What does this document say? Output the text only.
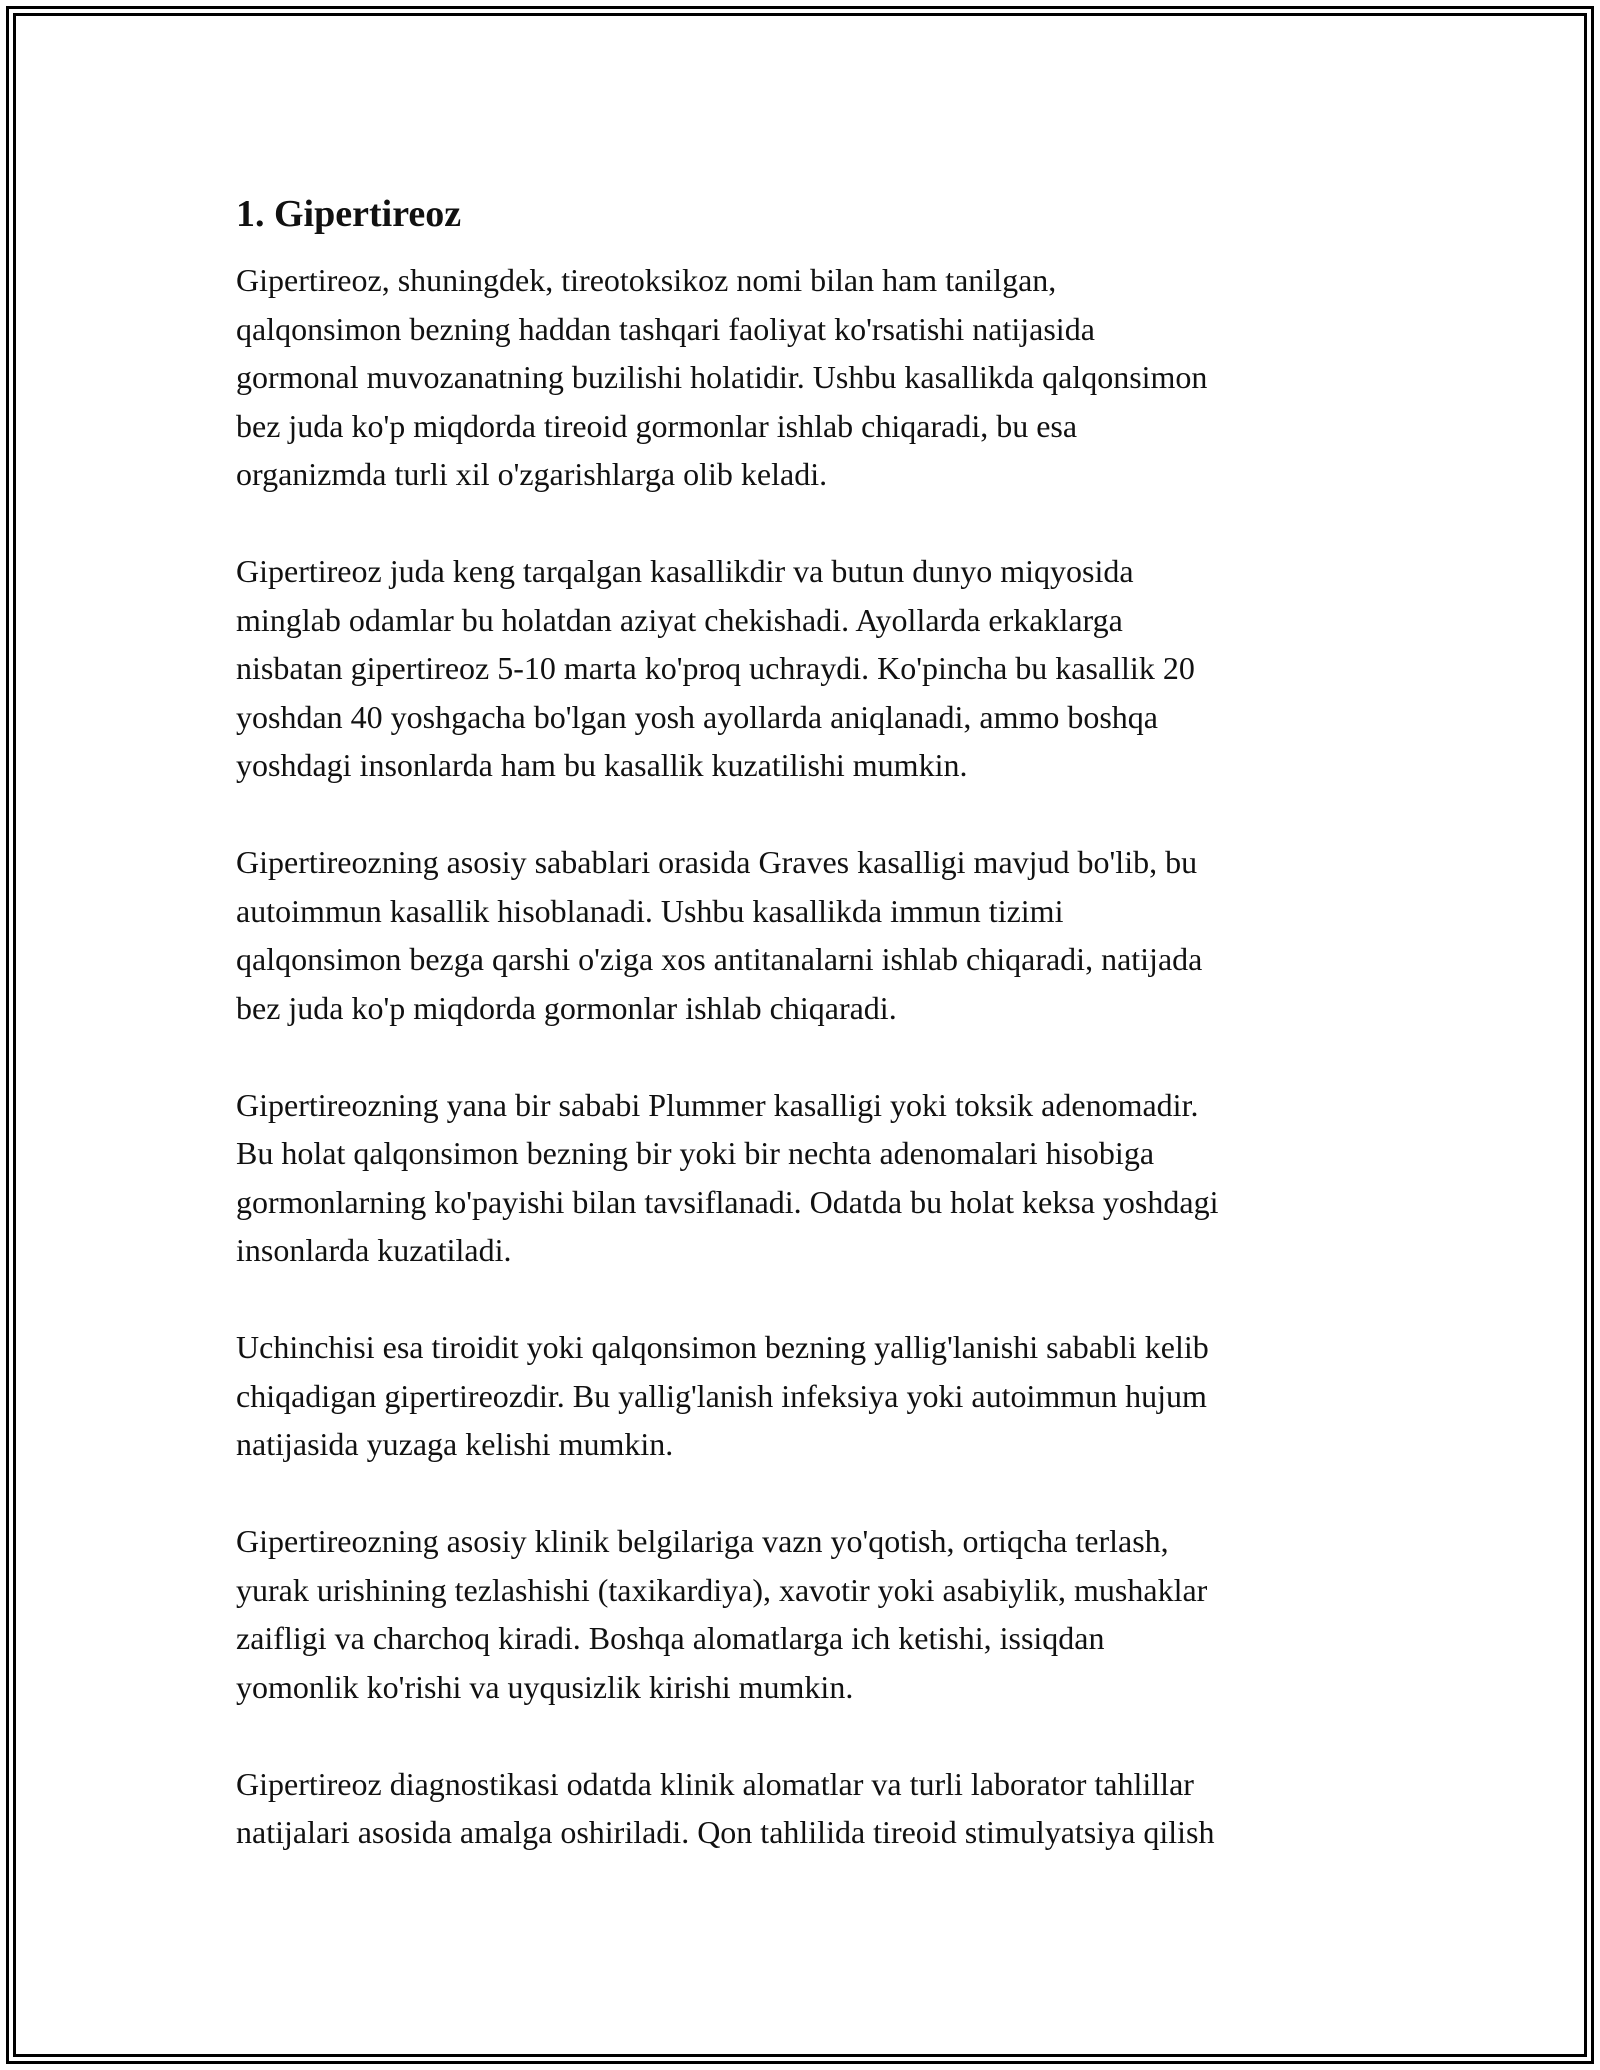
1. Gipertireoz

Gipertireoz, shuningdek, tireotoksikoz nomi bilan ham tanilgan,
qalqonsimon bezning haddan tashqari faoliyat ko'rsatishi natijasida
gormonal muvozanatning buzilishi holatidir. Ushbu kasallikda qalqonsimon
bez juda ko'p miqdorda tireoid gormonlar ishlab chiqaradi, bu esa
organizmda turli xil o'zgarishlarga olib keladi.

Gipertireoz juda keng tarqalgan kasallikdir va butun dunyo miqyosida
minglab odamlar bu holatdan aziyat chekishadi. Ayollarda erkaklarga
nisbatan gipertireoz 5-10 marta ko'proq uchraydi. Ko'pincha bu kasallik 20
yoshdan 40 yoshgacha bo'lgan yosh ayollarda aniqlanadi, ammo boshqa
yoshdagi insonlarda ham bu kasallik kuzatilishi mumkin.

Gipertireozning asosiy sabablari orasida Graves kasalligi mavjud bo'lib, bu
autoimmun kasallik hisoblanadi. Ushbu kasallikda immun tizimi
qalqonsimon bezga qarshi o'ziga xos antitanalarni ishlab chiqaradi, natijada
bez juda ko'p miqdorda gormonlar ishlab chiqaradi.

Gipertireozning yana bir sababi Plummer kasalligi yoki toksik adenomadir.
Bu holat qalqonsimon bezning bir yoki bir nechta adenomalari hisobiga
gormonlarning ko'payishi bilan tavsiflanadi. Odatda bu holat keksa yoshdagi
insonlarda kuzatiladi.

Uchinchisi esa tiroidit yoki qalqonsimon bezning yallig'lanishi sababli kelib
chiqadigan gipertireozdir. Bu yallig'lanish infeksiya yoki autoimmun hujum
natijasida yuzaga kelishi mumkin.

Gipertireozning asosiy klinik belgilariga vazn yo'qotish, ortiqcha terlash,
yurak urishining tezlashishi (taxikardiya), xavotir yoki asabiylik, mushaklar
zaifligi va charchoq kiradi. Boshqa alomatlarga ich ketishi, issiqdan
yomonlik ko'rishi va uyqusizlik kirishi mumkin.

Gipertireoz diagnostikasi odatda klinik alomatlar va turli laborator tahlillar
natijalari asosida amalga oshiriladi. Qon tahlilida tireoid stimulyatsiya qilish
